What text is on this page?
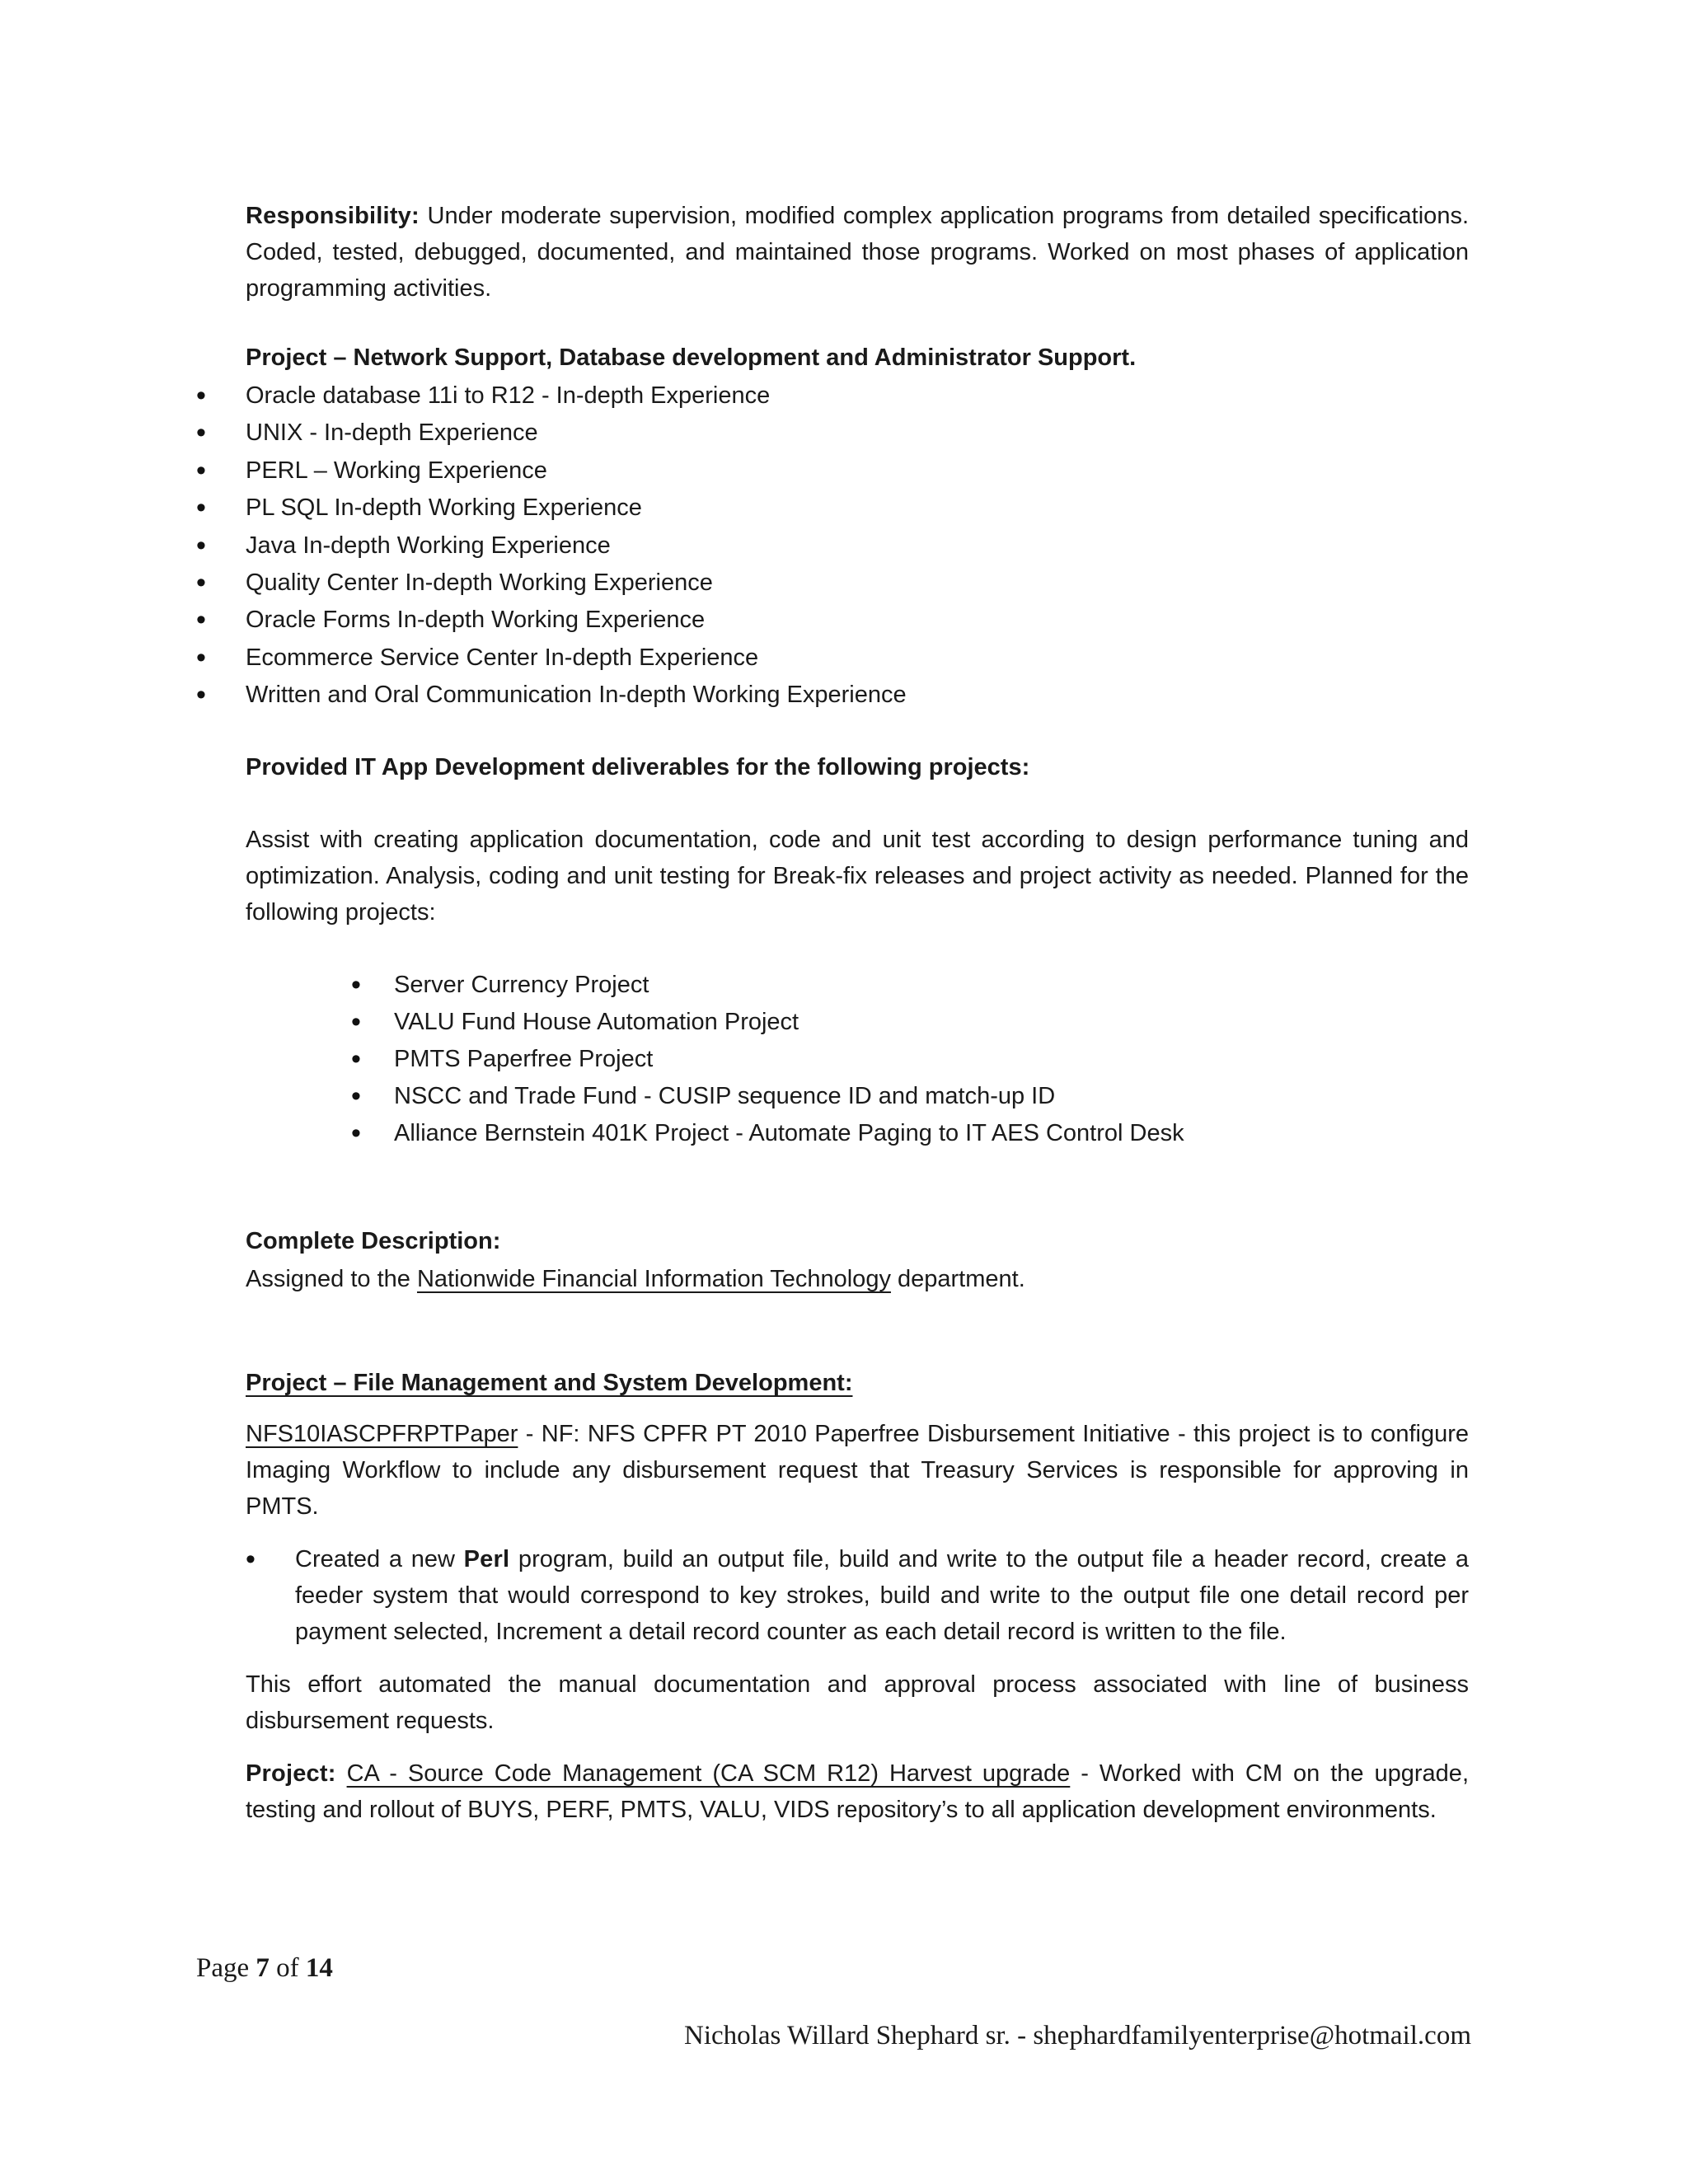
Responsibility: Under moderate supervision, modified complex application programs from detailed specifications. Coded, tested, debugged, documented, and maintained those programs. Worked on most phases of application programming activities.

Project – Network Support, Database development and Administrator Support.
• Oracle database 11i to R12 - In-depth Experience
• UNIX - In-depth Experience
• PERL – Working Experience
• PL SQL In-depth Working Experience
• Java In-depth Working Experience
• Quality Center In-depth Working Experience
• Oracle Forms In-depth Working Experience
• Ecommerce Service Center In-depth Experience
• Written and Oral Communication In-depth Working Experience
Provided IT App Development deliverables for the following projects:

Assist with creating application documentation, code and unit test according to design performance tuning and optimization. Analysis, coding and unit testing for Break-fix releases and project activity as needed. Planned for the following projects:

• Server Currency Project
• VALU Fund House Automation Project
• PMTS Paperfree Project
• NSCC and Trade Fund - CUSIP sequence ID and match-up ID
• Alliance Bernstein 401K Project - Automate Paging to IT AES Control Desk
Complete Description:

Assigned to the Nationwide Financial Information Technology department.

Project – File Management and System Development:

NFS10IASCPFRPTPaper - NF: NFS CPFR PT 2010 Paperfree Disbursement Initiative - this project is to configure Imaging Workflow to include any disbursement request that Treasury Services is responsible for approving in PMTS.

• Created a new Perl program, build an output file, build and write to the output file a header record, create a feeder system that would correspond to key strokes, build and write to the output file one detail record per payment selected, Increment a detail record counter as each detail record is written to the file.

This effort automated the manual documentation and approval process associated with line of business disbursement requests.

Project: CA - Source Code Management (CA SCM R12) Harvest upgrade - Worked with CM on the upgrade, testing and rollout of BUYS, PERF, PMTS, VALU, VIDS repository’s to all application development environments.

Page 7 of 14
Nicholas Willard Shephard sr. - shephardfamilyenterprise@hotmail.com
